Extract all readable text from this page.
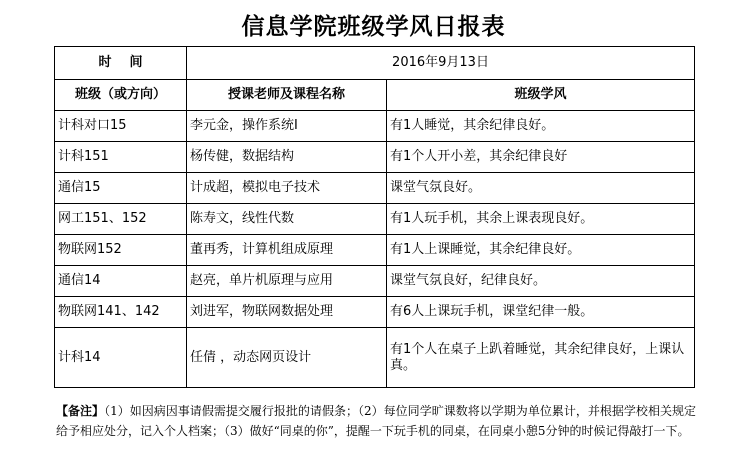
信息学院班级学风日报表
时    间	2016年9月13日	
班级（或方向）	授课老师及课程名称	班级学风
计科对口15	李元金，操作系统I	有1人睡觉，其余纪律良好。
计科151	杨传健，数据结构	有1个人开小差，其余纪律良好
通信15	计成超，模拟电子技术	课堂气氛良好。
网工151、152	陈寿文，线性代数	有1人玩手机，其余上课表现良好。
物联网152	董再秀，计算机组成原理	有1人上课睡觉，其余纪律良好。
通信14	赵亮，单片机原理与应用	课堂气氛良好，纪律良好。
物联网141、142	刘进军，物联网数据处理	有6人上课玩手机，课堂纪律一般。
计科14	任倩 ，动态网页设计	有1个人在桌子上趴着睡觉，其余纪律良好，上课认真。
【备注】（1）如因病因事请假需提交履行报批的请假条；（2）每位同学旷课数将以学期为单位累计，并根据学校相关规定给予相应处分，记入个人档案；（3）做好“同桌的你”，提醒一下玩手机的同桌，在同桌小憩5分钟的时候记得敲打一下。
